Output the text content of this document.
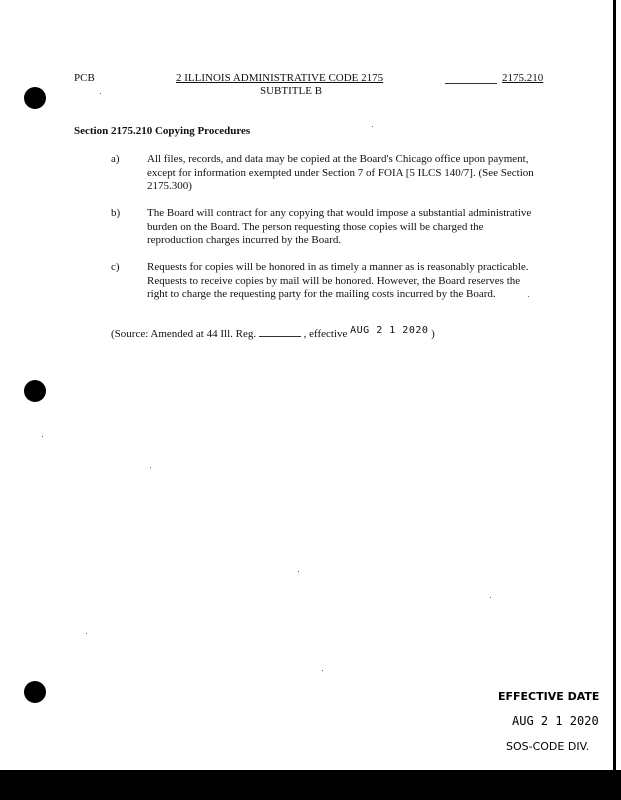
PCB	2 ILLINOIS ADMINISTRATIVE CODE 2175
SUBTITLE B
2175.210
Section 2175.210 Copying Procedures
a) All files, records, and data may be copied at the Board's Chicago office upon payment, except for information exempted under Section 7 of FOIA [5 ILCS 140/7]. (See Section 2175.300)
b) The Board will contract for any copying that would impose a substantial administrative burden on the Board. The person requesting those copies will be charged the reproduction charges incurred by the Board.
c) Requests for copies will be honored in as timely a manner as is reasonably practicable. Requests to receive copies by mail will be honored. However, the Board reserves the right to charge the requesting party for the mailing costs incurred by the Board.
(Source: Amended at 44 Ill. Reg.	, effective AUG 2 1 2020 )
EFFECTIVE DATE
AUG 2 1 2020
SOS-CODE DIV.
